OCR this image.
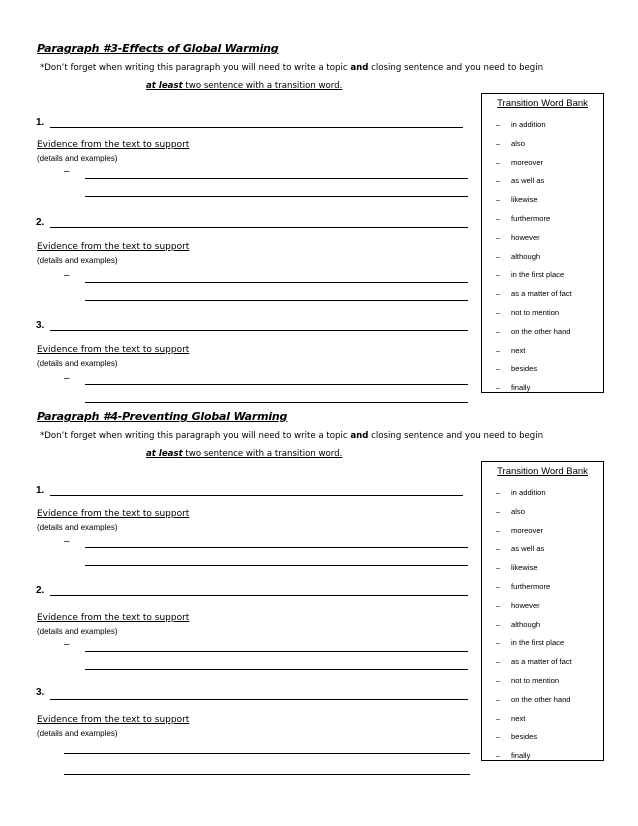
Paragraph #3-Effects of Global Warming
*Don’t forget when writing this paragraph you will need to write a topic and closing sentence and you need to begin
at least two sentence with a transition word.
Transition Word Bank
– in addition
– also
– moreover
– as well as
– likewise
– furthermore
– however
– although
– in the first place
– as a matter of fact
– not to mention
– on the other hand
– next
– besides
– finally
1.
Evidence from the text to support
(details and examples)
–
2.
Evidence from the text to support
(details and examples)
–
3.
Evidence from the text to support
(details and examples)
–
Paragraph #4-Preventing Global Warming
*Don’t forget when writing this paragraph you will need to write a topic and closing sentence and you need to begin
at least two sentence with a transition word.
Transition Word Bank
– in addition
– also
– moreover
– as well as
– likewise
– furthermore
– however
– although
– in the first place
– as a matter of fact
– not to mention
– on the other hand
– next
– besides
– finally
1.
Evidence from the text to support
(details and examples)
–
2.
Evidence from the text to support
(details and examples)
–
3.
Evidence from the text to support
(details and examples)
